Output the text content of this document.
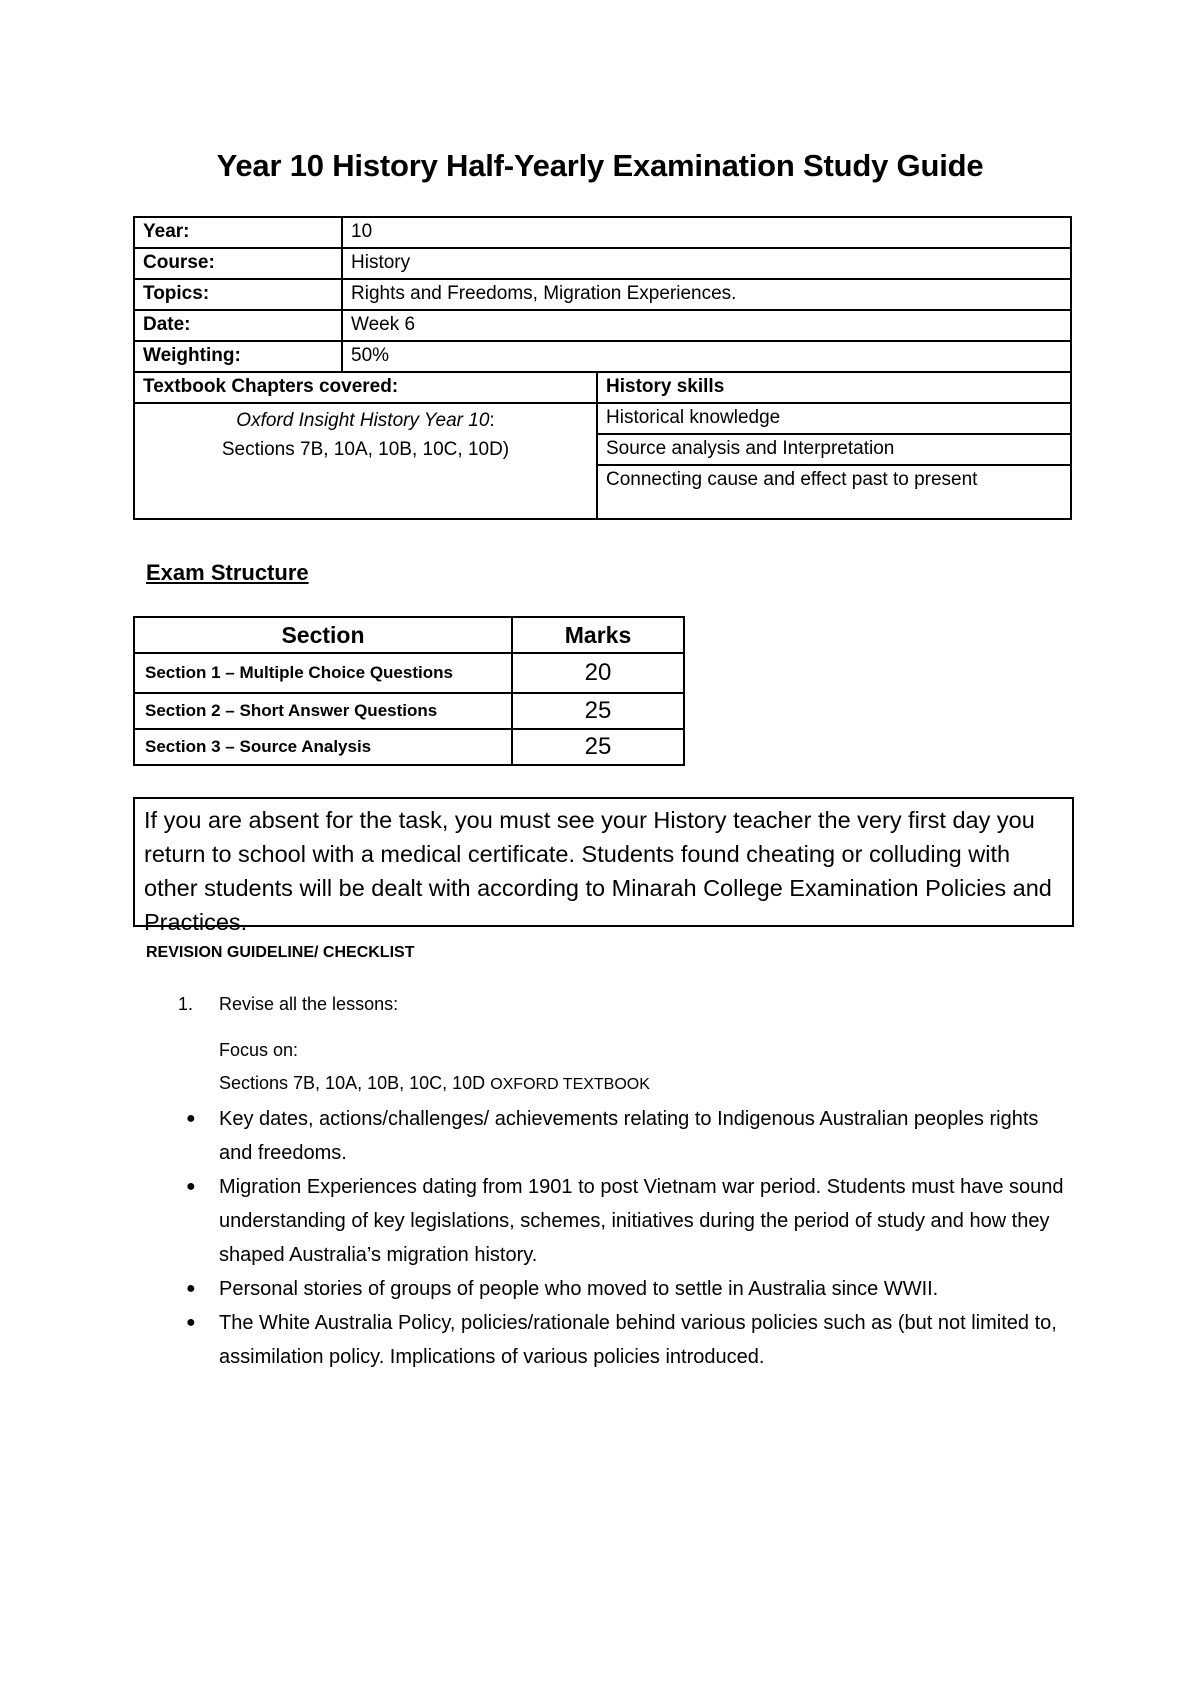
Year 10 History Half-Yearly Examination Study Guide
Year:	10	
Course:	History	
Topics:	Rights and Freedoms, Migration Experiences.	
Date:	Week 6	
Weighting:	50%	
Textbook Chapters covered:		History skills
Oxford Insight History Year 10:
Sections 7B, 10A, 10B, 10C, 10D)		Historical knowledge
		Source analysis and Interpretation
		Connecting cause and effect past to present
Exam Structure
Section	Marks
Section 1 – Multiple Choice Questions	20
Section 2 – Short Answer Questions	25
Section 3 – Source Analysis	25
If you are absent for the task, you must see your History teacher the very first day you return to school with a medical certificate. Students found cheating or colluding with other students will be dealt with according to Minarah College Examination Policies and Practices.
REVISION GUIDELINE/ CHECKLIST
1. Revise all the lessons:
Focus on:
Sections 7B, 10A, 10B, 10C, 10D OXFORD TEXTBOOK
● Key dates, actions/challenges/ achievements relating to Indigenous Australian peoples rights and freedoms.
● Migration Experiences dating from 1901 to post Vietnam war period. Students must have sound understanding of key legislations, schemes, initiatives during the period of study and how they shaped Australia’s migration history.
● Personal stories of groups of people who moved to settle in Australia since WWII.
● The White Australia Policy, policies/rationale behind various policies such as (but not limited to, assimilation policy. Implications of various policies introduced.
